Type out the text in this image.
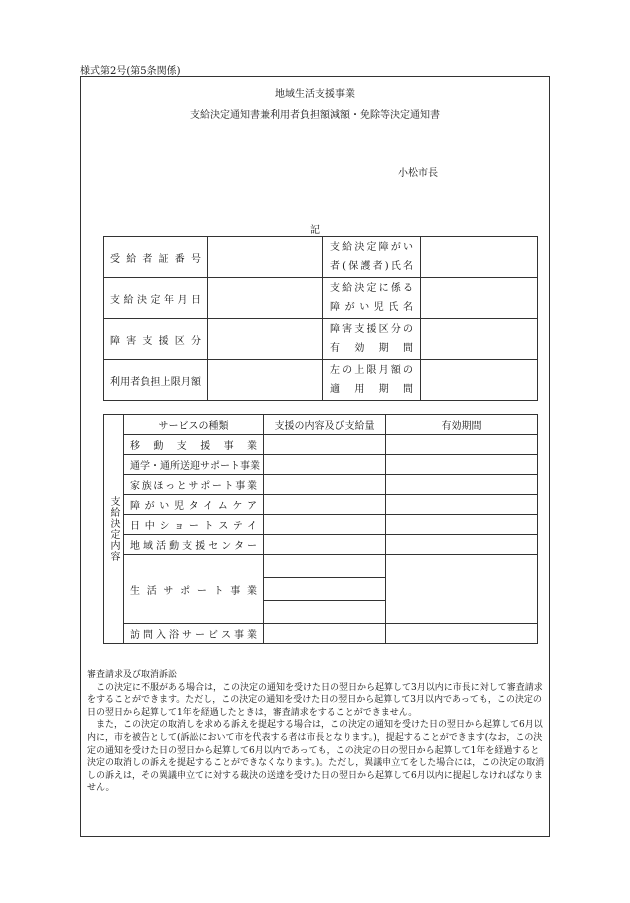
様式第2号(第5条関係)
地域生活支援事業
支給決定通知書兼利用者負担額減額・免除等決定通知書
小松市長
記
受給者証番号		支給決定障がい
者(保護者)氏名	

支給決定年月日		支給決定に係る
障がい児氏名	

障害支援区分		障害支援区分の
有効期間	

利用者負担上限月額		左の上限月額の
適用期間	

支給決定内容	サービスの種類	支援の内容及び支給量	有効期間
	移動支援事業		
	通学・通所送迎サポート事業		
	家族ほっとサポート事業		
	障がい児タイムケア		
	日中ショートステイ		
	地域活動支援センター		
	生活サポート事業		

	訪問入浴サービス事業		
審査請求及び取消訴訟

この決定に不服がある場合は，この決定の通知を受けた日の翌日から起算して3月以内に市長に対して審査請求をすることができます。ただし，この決定の通知を受けた日の翌日から起算して3月以内であっても，この決定の日の翌日から起算して1年を経過したときは，審査請求をすることができません。

また，この決定の取消しを求める訴えを提起する場合は，この決定の通知を受けた日の翌日から起算して6月以内に，市を被告として(訴訟において市を代表する者は市長となります。)，提起することができます(なお，この決定の通知を受けた日の翌日から起算して6月以内であっても，この決定の日の翌日から起算して1年を経過すると決定の取消しの訴えを提起することができなくなります。)。ただし，異議申立てをした場合には，この決定の取消しの訴えは，その異議申立てに対する裁決の送達を受けた日の翌日から起算して6月以内に提起しなければなりません。
